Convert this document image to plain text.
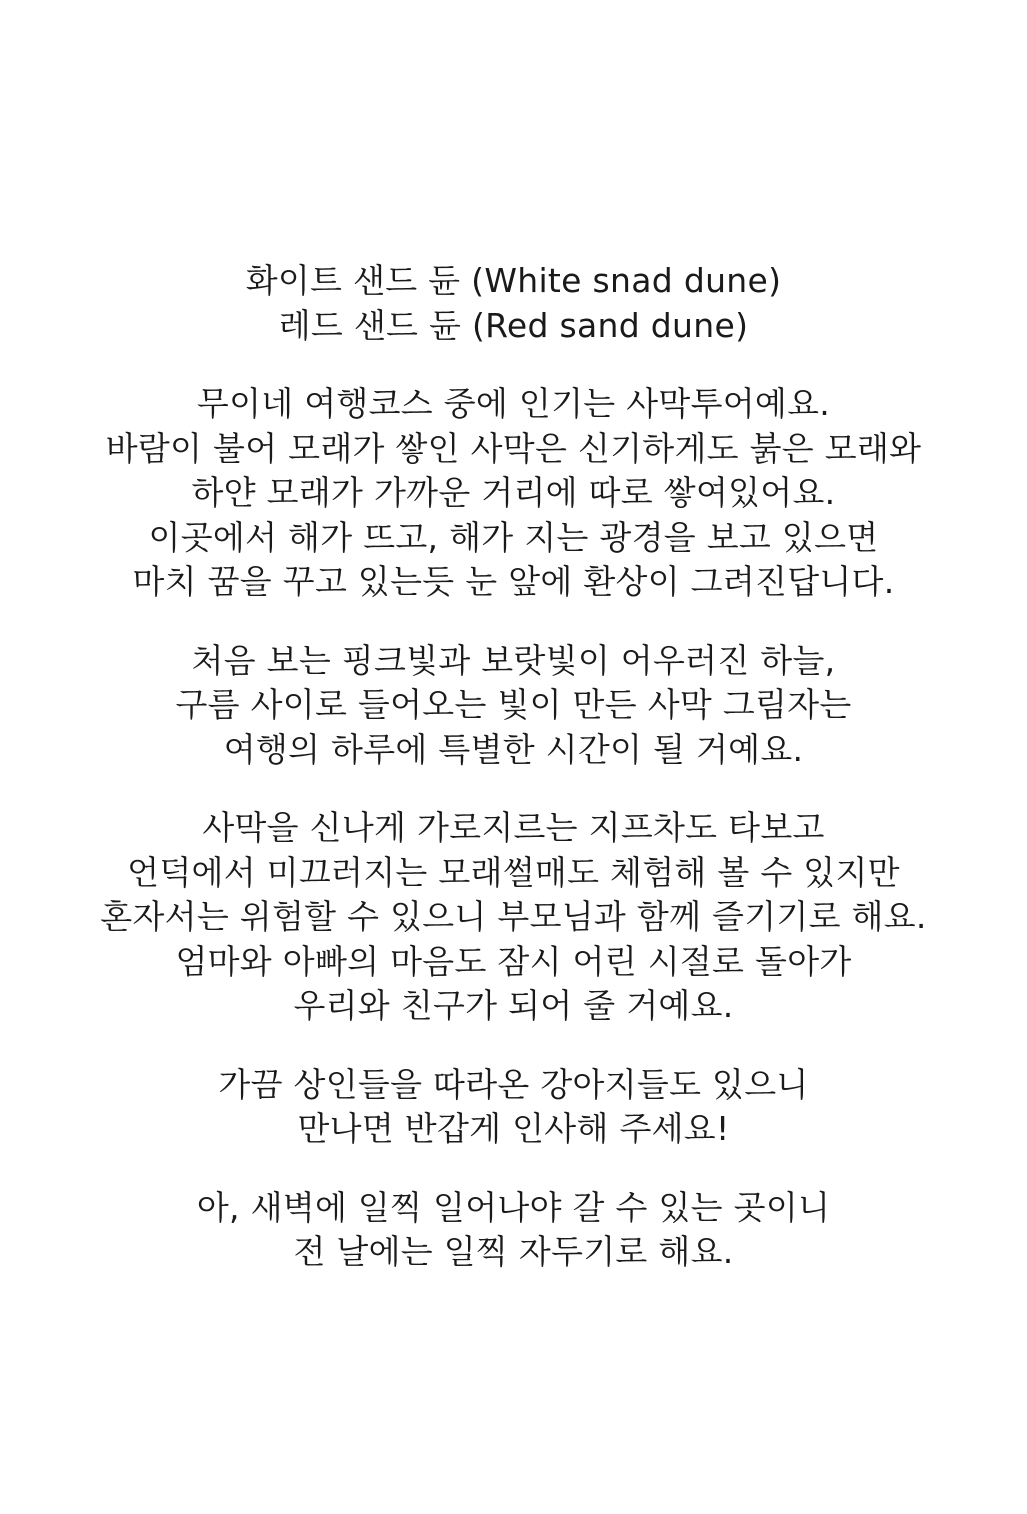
화이트 샌드 듄 (White snad dune)
레드 샌드 듄 (Red sand dune)
무이네 여행코스 중에 인기는 사막투어예요.
바람이 불어 모래가 쌓인 사막은 신기하게도 붉은 모래와
하얀 모래가 가까운 거리에 따로 쌓여있어요.
이곳에서 해가 뜨고, 해가 지는 광경을 보고 있으면
마치 꿈을 꾸고 있는듯 눈 앞에 환상이 그려진답니다.
처음 보는 핑크빛과 보랏빛이 어우러진 하늘,
구름 사이로 들어오는 빛이 만든 사막 그림자는
여행의 하루에 특별한 시간이 될 거예요.
사막을 신나게 가로지르는 지프차도 타보고
언덕에서 미끄러지는 모래썰매도 체험해 볼 수 있지만
혼자서는 위험할 수 있으니 부모님과 함께 즐기기로 해요.
엄마와 아빠의 마음도 잠시 어린 시절로 돌아가
우리와 친구가 되어 줄 거예요.
가끔 상인들을 따라온 강아지들도 있으니
만나면 반갑게 인사해 주세요!
아, 새벽에 일찍 일어나야 갈 수 있는 곳이니
전 날에는 일찍 자두기로 해요.
